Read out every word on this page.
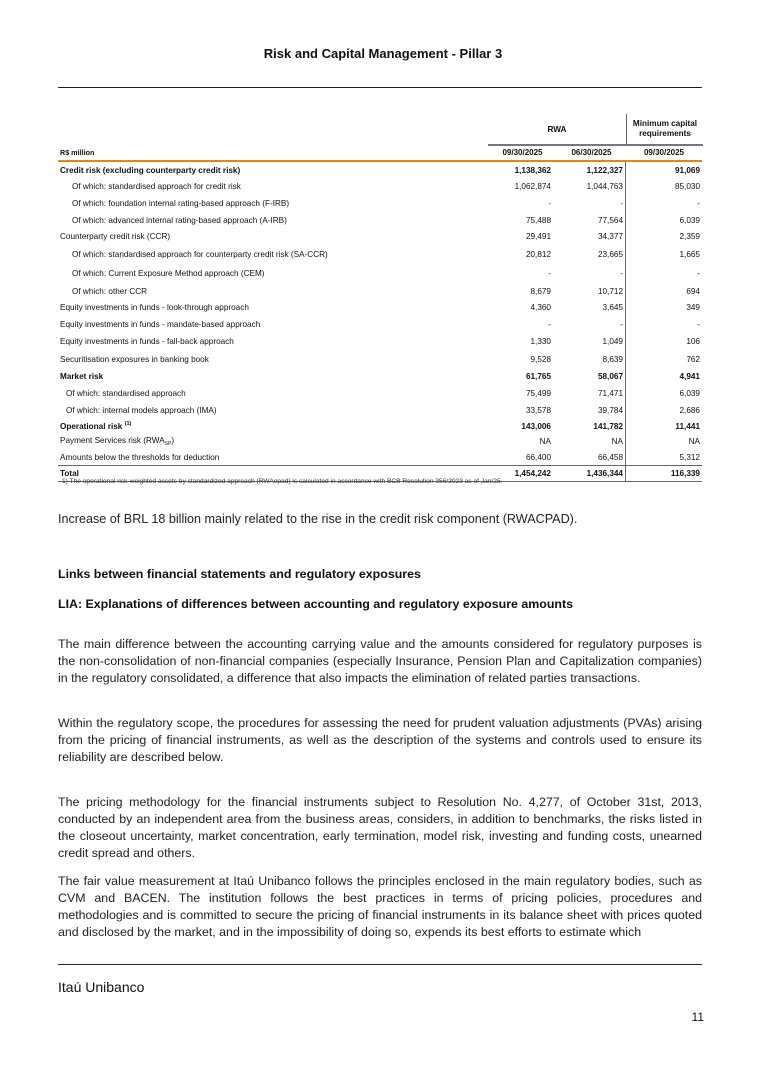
Risk and Capital Management - Pillar 3
RWA
Minimum capital requirements
R$ million	09/30/2025	06/30/2025	09/30/2025
Credit risk (excluding counterparty credit risk)	1,138,362	1,122,327	91,069
Of which: standardised approach for credit risk	1,062,874	1,044,763	85,030
Of which: foundation internal rating-based approach (F-IRB)	-	-	-
Of which: advanced internal rating-based approach (A-IRB)	75,488	77,564	6,039
Counterparty credit risk (CCR)	29,491	34,377	2,359
Of which: standardised approach for counterparty credit risk (SA-CCR)	20,812	23,665	1,665
Of which: Current Exposure Method approach (CEM)	-	-	-
Of which: other CCR	8,679	10,712	694
Equity investments in funds - look-through approach	4,360	3,645	349
Equity investments in funds - mandate-based approach	-	-	-
Equity investments in funds - fall-back approach	1,330	1,049	106
Securitisation exposures in banking book	9,528	8,639	762
Market risk	61,765	58,067	4,941
Of which: standardised approach	75,499	71,471	6,039
Of which: internal models approach (IMA)	33,578	39,784	2,686
Operational risk $^{(1)}$	143,006	141,782	11,441
Payment Services risk $(RWA_{SP})$	NA	NA	NA
Amounts below the thresholds for deduction	66,400	66,458	5,312
Total	1,454,242	1,436,344	116,339
1) The operational risk-weighted assets by standardized approach (RWAopad) is calculated in accordance with BCB Resolution 356/2023 as of Jan/25.
Increase of BRL 18 billion mainly related to the rise in the credit risk component (RWACPAD).
Links between financial statements and regulatory exposures
LIA: Explanations of differences between accounting and regulatory exposure amounts

The main difference between the accounting carrying value and the amounts considered for regulatory purposes is the non-consolidation of non-financial companies (especially Insurance, Pension Plan and Capitalization companies) in the regulatory consolidated, a difference that also impacts the elimination of related parties transactions.

Within the regulatory scope, the procedures for assessing the need for prudent valuation adjustments (PVAs) arising from the pricing of financial instruments, as well as the description of the systems and controls used to ensure its reliability are described below.

The pricing methodology for the financial instruments subject to Resolution No. 4,277, of October 31st, 2013, conducted by an independent area from the business areas, considers, in addition to benchmarks, the risks listed in the closeout uncertainty, market concentration, early termination, model risk, investing and funding costs, unearned credit spread and others.

The fair value measurement at Itaú Unibanco follows the principles enclosed in the main regulatory bodies, such as CVM and BACEN. The institution follows the best practices in terms of pricing policies, procedures and methodologies and is committed to secure the pricing of financial instruments in its balance sheet with prices quoted and disclosed by the market, and in the impossibility of doing so, expends its best efforts to estimate which

Itaú Unibanco
11
